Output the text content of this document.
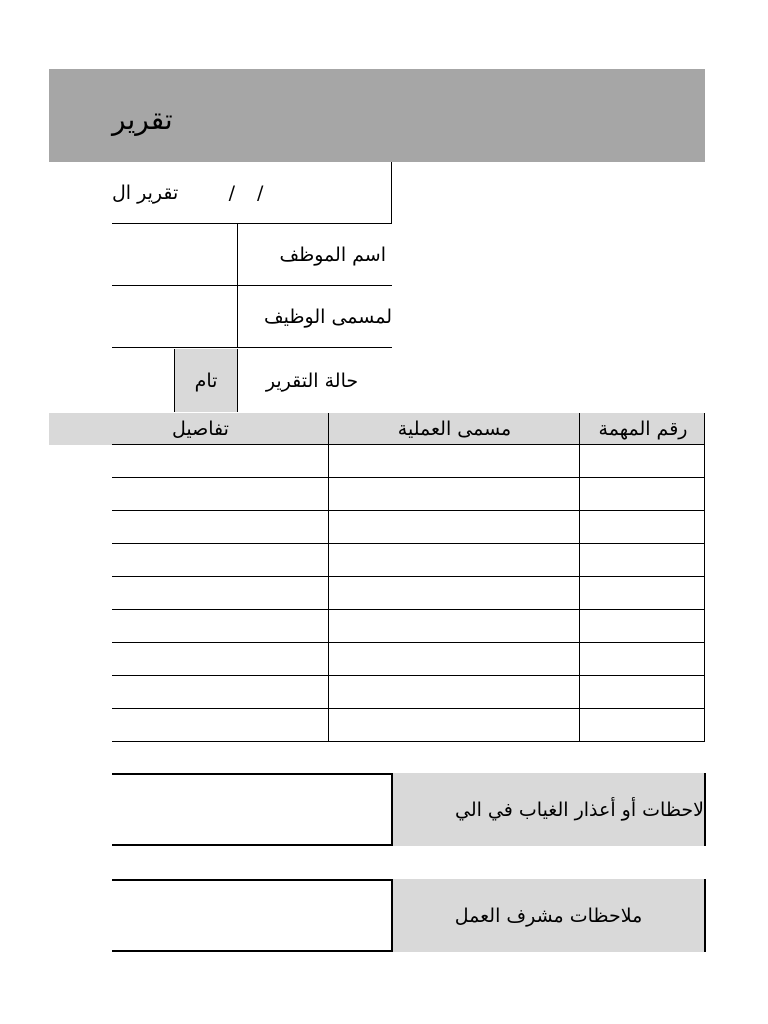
تقرير
تقرير ال	/ /
اسم الموظف
لمسمى الوظيف
حالة التقرير
تام
رقم المهمة
مسمى العملية
تفاصيل
لاحظات أو أعذار الغياب في الي
ملاحظات مشرف العمل
